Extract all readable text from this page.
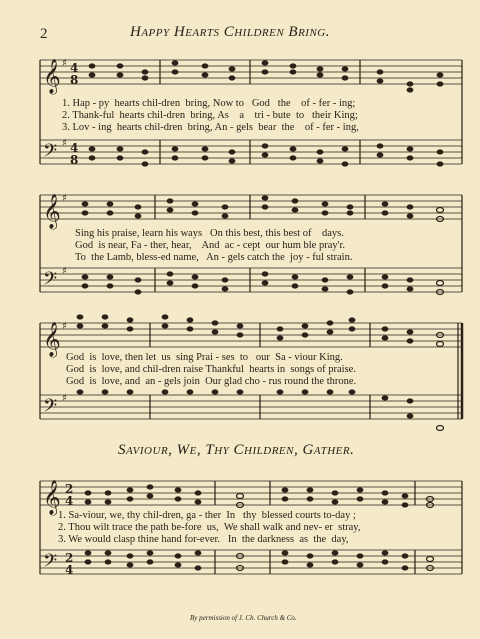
2	Happy Hearts Children Bring.
𝄞
𝄢
𝄞
𝄢
𝄞
𝄢
𝄞
𝄢
♯
♯
♯
♯
♯
♯
4
8
4
8
2
4
2
4
1. Hap - py  hearts chil-dren  bring, Now to   God   the    of - fer - ing;
2. Thank-ful  hearts chil-dren  bring, As    a    tri - bute  to   their King;
3. Lov - ing  hearts chil-dren  bring, An - gels  bear  the    of - fer - ing,
Sing his praise, learn his ways   On this best, this best of    days.
God  is near, Fa - ther, hear,    And  ac - cept  our hum ble pray'r.
To  the Lamb, bless-ed name,   An - gels catch the  joy - ful strain.
God  is  love, then let  us  sing Prai - ses  to   our  Sa - viour King.
God  is  love, and chil-dren raise Thankful  hearts in  songs of praise.
God  is  love, and  an - gels join  Our glad cho - rus round the throne.
Saviour, We, Thy Children, Gather.
1. Sa-viour, we, thy chil-dren, ga - ther  In   thy  blessed courts to-day ;
2. Thou wilt trace the path be-fore  us,  We shall walk and nev- er  stray,
3. We would clasp thine hand for-ever.   In  the darkness  as  the  day,
By permission of J. Ch. Church & Co.
